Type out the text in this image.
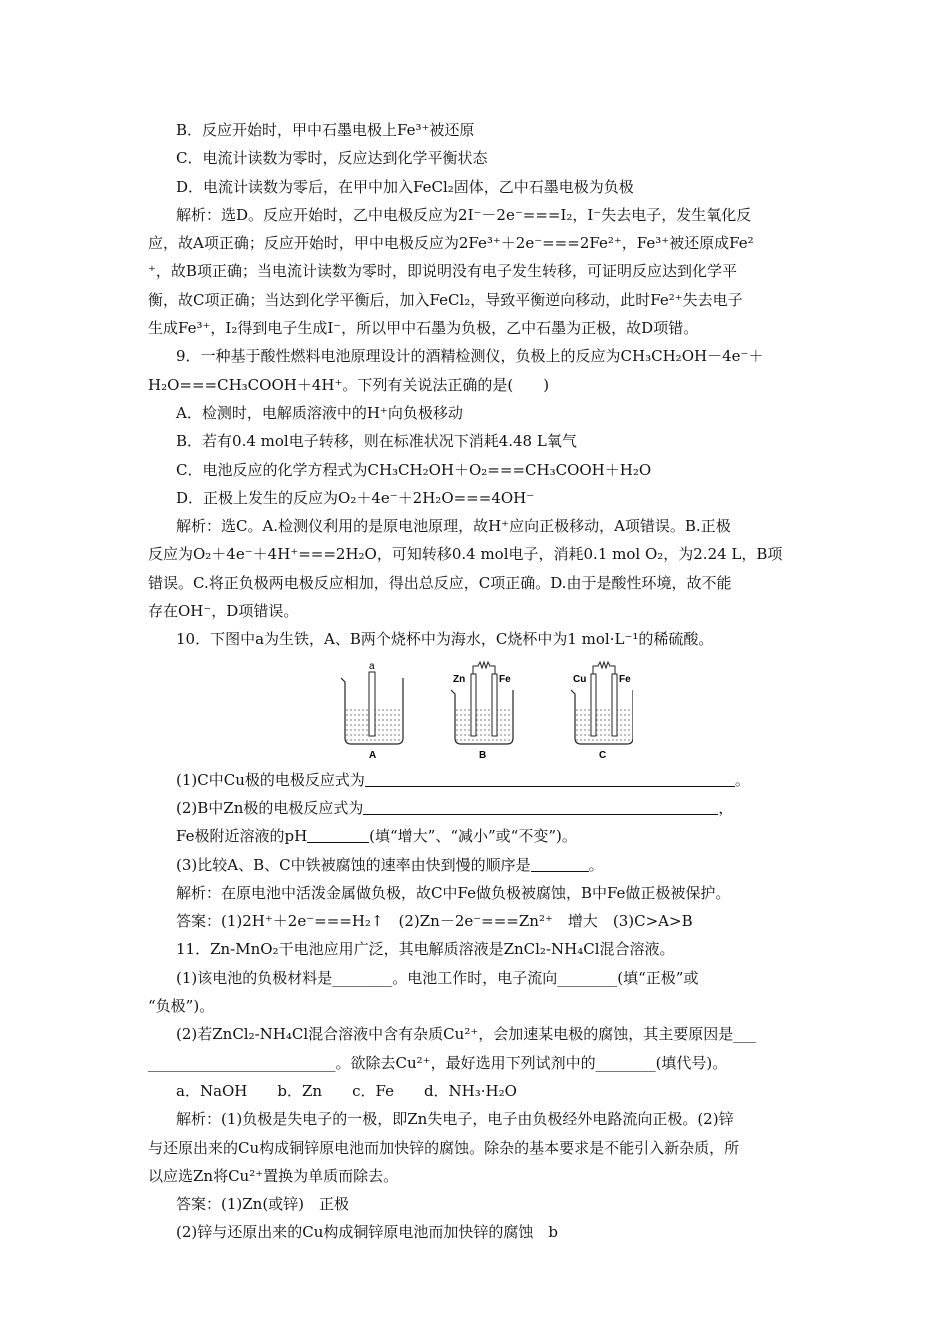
B．反应开始时，甲中石墨电极上Fe³⁺被还原
C．电流计读数为零时，反应达到化学平衡状态
D．电流计读数为零后，在甲中加入FeCl₂固体，乙中石墨电极为负极
解析：选D。反应开始时，乙中电极反应为2I⁻－2e⁻===I₂，I⁻失去电子，发生氧化反
应，故A项正确；反应开始时，甲中电极反应为2Fe³⁺＋2e⁻===2Fe²⁺，Fe³⁺被还原成Fe²
⁺，故B项正确；当电流计读数为零时，即说明没有电子发生转移，可证明反应达到化学平
衡，故C项正确；当达到化学平衡后，加入FeCl₂，导致平衡逆向移动，此时Fe²⁺失去电子
生成Fe³⁺，I₂得到电子生成I⁻，所以甲中石墨为负极，乙中石墨为正极，故D项错。
9．一种基于酸性燃料电池原理设计的酒精检测仪，负极上的反应为CH₃CH₂OH－4e⁻＋
H₂O===CH₃COOH＋4H⁺。下列有关说法正确的是(　　)
A．检测时，电解质溶液中的H⁺向负极移动
B．若有0.4 mol电子转移，则在标准状况下消耗4.48 L氧气
C．电池反应的化学方程式为CH₃CH₂OH＋O₂===CH₃COOH＋H₂O
D．正极上发生的反应为O₂＋4e⁻＋2H₂O===4OH⁻
解析：选C。A.检测仪利用的是原电池原理，故H⁺应向正极移动，A项错误。B.正极
反应为O₂＋4e⁻＋4H⁺===2H₂O，可知转移0.4 mol电子，消耗0.1 mol O₂，为2.24 L，B项
错误。C.将正负极两电极反应相加，得出总反应，C项正确。D.由于是酸性环境，故不能
存在OH⁻，D项错误。
10．下图中a为生铁，A、B两个烧杯中为海水，C烧杯中为1 mol·L⁻¹的稀硫酸。
a
A
Zn	Fe
B
Cu	Fe
C
(1)C中Cu极的电极反应式为	。
(2)B中Zn极的电极反应式为	，
Fe极附近溶液的pH	(填“增大”、“减小”或“不变”)。
(3)比较A、B、C中铁被腐蚀的速率由快到慢的顺序是	。
解析：在原电池中活泼金属做负极，故C中Fe做负极被腐蚀，B中Fe做正极被保护。
答案：(1)2H⁺＋2e⁻===H₂↑　(2)Zn－2e⁻===Zn²⁺　增大　(3)C>A>B
11．Zn-MnO₂干电池应用广泛，其电解质溶液是ZnCl₂-NH₄Cl混合溶液。
(1)该电池的负极材料是________。电池工作时，电子流向________(填“正极”或
“负极”)。
(2)若ZnCl₂-NH₄Cl混合溶液中含有杂质Cu²⁺，会加速某电极的腐蚀，其主要原因是___
_________________________。欲除去Cu²⁺，最好选用下列试剂中的________(填代号)。
a．NaOH　　b．Zn　　c．Fe　　d．NH₃·H₂O
解析：(1)负极是失电子的一极，即Zn失电子，电子由负极经外电路流向正极。(2)锌
与还原出来的Cu构成铜锌原电池而加快锌的腐蚀。除杂的基本要求是不能引入新杂质，所
以应选Zn将Cu²⁺置换为单质而除去。
答案：(1)Zn(或锌)　正极
(2)锌与还原出来的Cu构成铜锌原电池而加快锌的腐蚀　b
